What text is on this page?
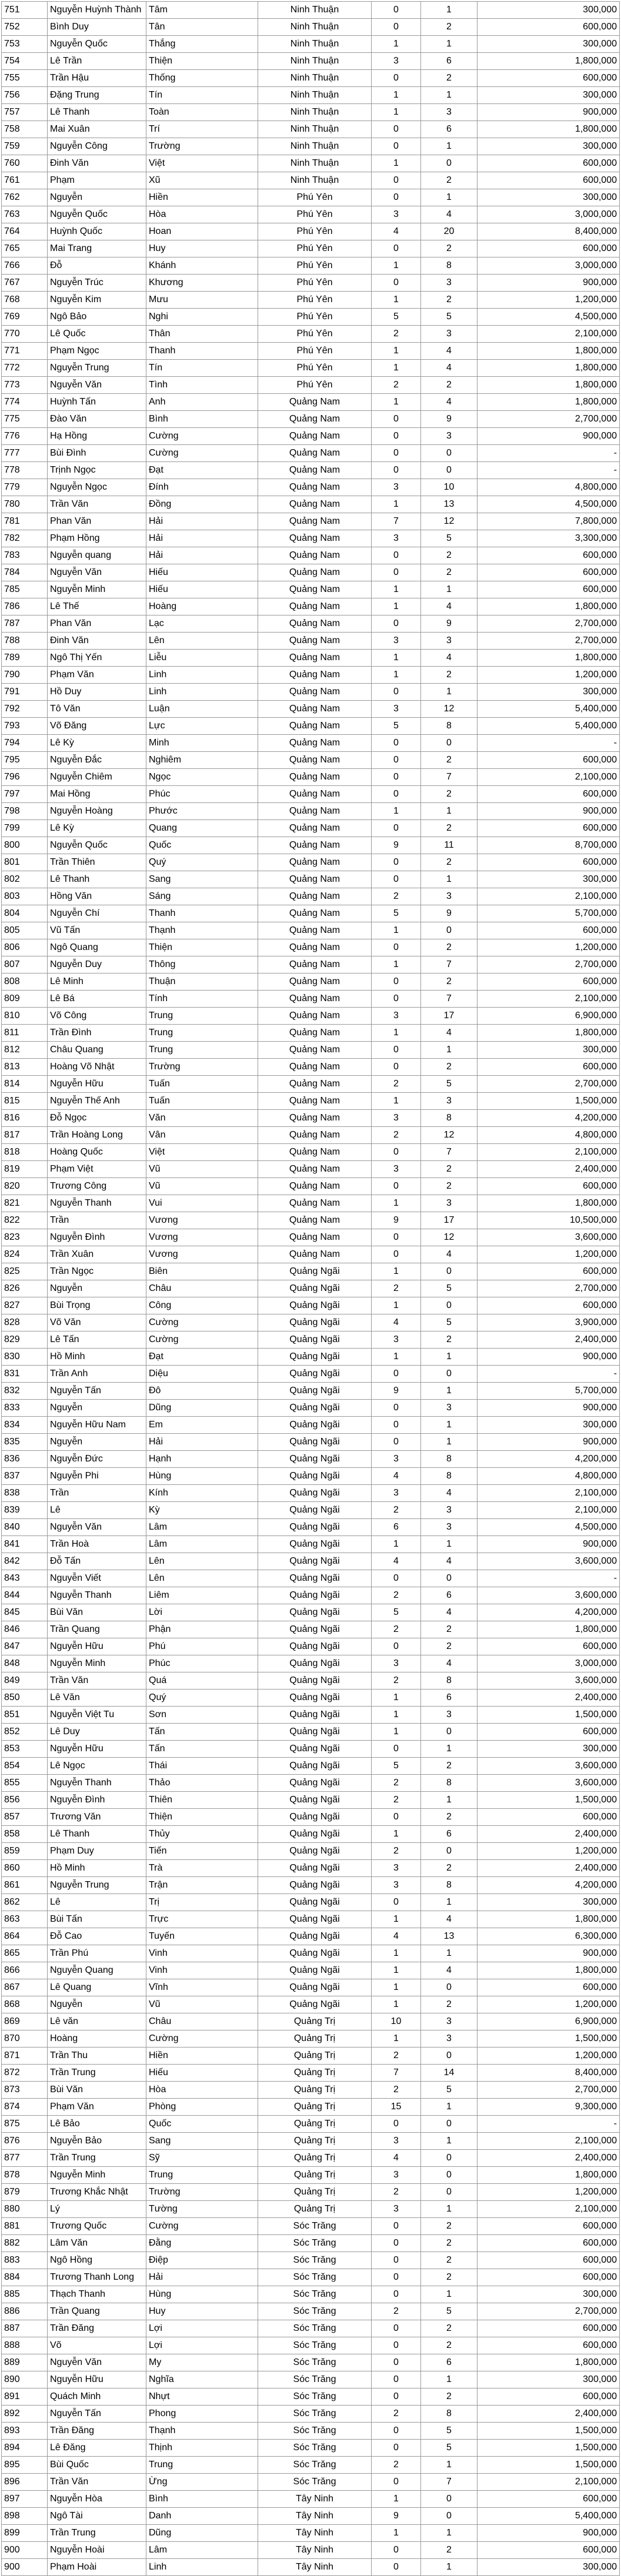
751	Nguyễn Huỳnh Thành	Tâm	Ninh Thuận	0	1	300,000
752	Bình Duy	Tân	Ninh Thuận	0	2	600,000
753	Nguyễn Quốc	Thắng	Ninh Thuận	1	1	300,000
754	Lê Trần	Thiện	Ninh Thuận	3	6	1,800,000
755	Trần Hậu	Thống	Ninh Thuận	0	2	600,000
756	Đặng Trung	Tín	Ninh Thuận	1	1	300,000
757	Lê Thanh	Toàn	Ninh Thuận	1	3	900,000
758	Mai Xuân	Trí	Ninh Thuận	0	6	1,800,000
759	Nguyễn Công	Trường	Ninh Thuận	0	1	300,000
760	Đinh Văn	Việt	Ninh Thuận	1	0	600,000
761	Phạm	Xũ	Ninh Thuận	0	2	600,000
762	Nguyễn	Hiền	Phú Yên	0	1	300,000
763	Nguyễn Quốc	Hòa	Phú Yên	3	4	3,000,000
764	Huỳnh Quốc	Hoan	Phú Yên	4	20	8,400,000
765	Mai Trang	Huy	Phú Yên	0	2	600,000
766	Đỗ	Khánh	Phú Yên	1	8	3,000,000
767	Nguyễn Trúc	Khương	Phú Yên	0	3	900,000
768	Nguyễn Kim	Mưu	Phú Yên	1	2	1,200,000
769	Ngô Bảo	Nghi	Phú Yên	5	5	4,500,000
770	Lê Quốc	Thân	Phú Yên	2	3	2,100,000
771	Phạm Ngọc	Thanh	Phú Yên	1	4	1,800,000
772	Nguyễn Trung	Tín	Phú Yên	1	4	1,800,000
773	Nguyễn Văn	Tình	Phú Yên	2	2	1,800,000
774	Huỳnh Tấn	Anh	Quảng Nam	1	4	1,800,000
775	Đào Văn	Bình	Quảng Nam	0	9	2,700,000
776	Hạ Hồng	Cường	Quảng Nam	0	3	900,000
777	Bùi Đình	Cường	Quảng Nam	0	0	-
778	Trịnh Ngọc	Đạt	Quảng Nam	0	0	-
779	Nguyễn Ngọc	Đính	Quảng Nam	3	10	4,800,000
780	Trần Văn	Đồng	Quảng Nam	1	13	4,500,000
781	Phan Văn	Hải	Quảng Nam	7	12	7,800,000
782	Phạm Hồng	Hải	Quảng Nam	3	5	3,300,000
783	Nguyễn quang	Hải	Quảng Nam	0	2	600,000
784	Nguyễn Văn	Hiếu	Quảng Nam	0	2	600,000
785	Nguyễn Minh	Hiếu	Quảng Nam	1	1	600,000
786	Lê Thế	Hoàng	Quảng Nam	1	4	1,800,000
787	Phan Văn	Lạc	Quảng Nam	0	9	2,700,000
788	Đinh Văn	Lên	Quảng Nam	3	3	2,700,000
789	Ngô Thị Yến	Liễu	Quảng Nam	1	4	1,800,000
790	Phạm Văn	Linh	Quảng Nam	1	2	1,200,000
791	Hồ Duy	Linh	Quảng Nam	0	1	300,000
792	Tô Văn	Luận	Quảng Nam	3	12	5,400,000
793	Võ Đăng	Lực	Quảng Nam	5	8	5,400,000
794	Lê Kỳ	Minh	Quảng Nam	0	0	-
795	Nguyễn Đắc	Nghiêm	Quảng Nam	0	2	600,000
796	Nguyễn Chiêm	Ngọc	Quảng Nam	0	7	2,100,000
797	Mai Hồng	Phúc	Quảng Nam	0	2	600,000
798	Nguyễn Hoàng	Phước	Quảng Nam	1	1	900,000
799	Lê Kỳ	Quang	Quảng Nam	0	2	600,000
800	Nguyễn Quốc	Quốc	Quảng Nam	9	11	8,700,000
801	Trần Thiên	Quý	Quảng Nam	0	2	600,000
802	Lê Thanh	Sang	Quảng Nam	0	1	300,000
803	Hồng Văn	Sáng	Quảng Nam	2	3	2,100,000
804	Nguyễn Chí	Thanh	Quảng Nam	5	9	5,700,000
805	Vũ Tấn	Thạnh	Quảng Nam	1	0	600,000
806	Ngô Quang	Thiện	Quảng Nam	0	2	1,200,000
807	Nguyễn Duy	Thông	Quảng Nam	1	7	2,700,000
808	Lê Minh	Thuận	Quảng Nam	0	2	600,000
809	Lê Bá	Tính	Quảng Nam	0	7	2,100,000
810	Võ Công	Trung	Quảng Nam	3	17	6,900,000
811	Trần Đình	Trung	Quảng Nam	1	4	1,800,000
812	Châu Quang	Trung	Quảng Nam	0	1	300,000
813	Hoàng Võ Nhật	Trường	Quảng Nam	0	2	600,000
814	Nguyễn Hữu	Tuấn	Quảng Nam	2	5	2,700,000
815	Nguyễn Thế Anh	Tuấn	Quảng Nam	1	3	1,500,000
816	Đỗ Ngọc	Văn	Quảng Nam	3	8	4,200,000
817	Trần Hoàng Long	Vân	Quảng Nam	2	12	4,800,000
818	Hoàng Quốc	Việt	Quảng Nam	0	7	2,100,000
819	Phạm Việt	Vũ	Quảng Nam	3	2	2,400,000
820	Trương Công	Vũ	Quảng Nam	0	2	600,000
821	Nguyễn Thanh	Vui	Quảng Nam	1	3	1,800,000
822	Trần	Vương	Quảng Nam	9	17	10,500,000
823	Nguyễn Đình	Vương	Quảng Nam	0	12	3,600,000
824	Trần Xuân	Vương	Quảng Nam	0	4	1,200,000
825	Trần Ngọc	Biên	Quảng Ngãi	1	0	600,000
826	Nguyễn	Châu	Quảng Ngãi	2	5	2,700,000
827	Bùi Trọng	Công	Quảng Ngãi	1	0	600,000
828	Võ Văn	Cường	Quảng Ngãi	4	5	3,900,000
829	Lê Tấn	Cường	Quảng Ngãi	3	2	2,400,000
830	Hồ Minh	Đạt	Quảng Ngãi	1	1	900,000
831	Trần Anh	Diệu	Quảng Ngãi	0	0	-
832	Nguyễn Tấn	Đô	Quảng Ngãi	9	1	5,700,000
833	Nguyễn	Dũng	Quảng Ngãi	0	3	900,000
834	Nguyễn Hữu Nam	Em	Quảng Ngãi	0	1	300,000
835	Nguyễn	Hải	Quảng Ngãi	0	1	900,000
836	Nguyễn Đức	Hạnh	Quảng Ngãi	3	8	4,200,000
837	Nguyễn Phi	Hùng	Quảng Ngãi	4	8	4,800,000
838	Trần	Kính	Quảng Ngãi	3	4	2,100,000
839	Lê	Kỳ	Quảng Ngãi	2	3	2,100,000
840	Nguyễn Văn	Lâm	Quảng Ngãi	6	3	4,500,000
841	Trần Hoà	Lâm	Quảng Ngãi	1	1	900,000
842	Đỗ Tấn	Lên	Quảng Ngãi	4	4	3,600,000
843	Nguyễn Viết	Lên	Quảng Ngãi	0	0	-
844	Nguyễn Thanh	Liêm	Quảng Ngãi	2	6	3,600,000
845	Bùi Văn	Lời	Quảng Ngãi	5	4	4,200,000
846	Trần Quang	Phận	Quảng Ngãi	2	2	1,800,000
847	Nguyễn Hữu	Phú	Quảng Ngãi	0	2	600,000
848	Nguyễn Minh	Phúc	Quảng Ngãi	3	4	3,000,000
849	Trần Văn	Quá	Quảng Ngãi	2	8	3,600,000
850	Lê Văn	Quý	Quảng Ngãi	1	6	2,400,000
851	Nguyễn Việt Tu	Sơn	Quảng Ngãi	1	3	1,500,000
852	Lê Duy	Tấn	Quảng Ngãi	1	0	600,000
853	Nguyễn Hữu	Tấn	Quảng Ngãi	0	1	300,000
854	Lê Ngọc	Thái	Quảng Ngãi	5	2	3,600,000
855	Nguyễn Thanh	Thảo	Quảng Ngãi	2	8	3,600,000
856	Nguyễn Đình	Thiên	Quảng Ngãi	2	1	1,500,000
857	Trương Văn	Thiện	Quảng Ngãi	0	2	600,000
858	Lê Thanh	Thủy	Quảng Ngãi	1	6	2,400,000
859	Phạm Duy	Tiến	Quảng Ngãi	2	0	1,200,000
860	Hồ Minh	Trà	Quảng Ngãi	3	2	2,400,000
861	Nguyễn Trung	Trận	Quảng Ngãi	3	8	4,200,000
862	Lê	Trị	Quảng Ngãi	0	1	300,000
863	Bùi Tấn	Trực	Quảng Ngãi	1	4	1,800,000
864	Đỗ Cao	Tuyến	Quảng Ngãi	4	13	6,300,000
865	Trần Phú	Vinh	Quảng Ngãi	1	1	900,000
866	Nguyễn Quang	Vinh	Quảng Ngãi	1	4	1,800,000
867	Lê Quang	Vĩnh	Quảng Ngãi	1	0	600,000
868	Nguyễn	Vũ	Quảng Ngãi	1	2	1,200,000
869	Lê văn	Châu	Quảng Trị	10	3	6,900,000
870	Hoàng	Cường	Quảng Trị	1	3	1,500,000
871	Trần Thu	Hiền	Quảng Trị	2	0	1,200,000
872	Trần Trung	Hiếu	Quảng Trị	7	14	8,400,000
873	Bùi Văn	Hòa	Quảng Trị	2	5	2,700,000
874	Phạm Văn	Phòng	Quảng Trị	15	1	9,300,000
875	Lê Bảo	Quốc	Quảng Trị	0	0	-
876	Nguyễn Bảo	Sang	Quảng Trị	3	1	2,100,000
877	Trần Trung	Sỹ	Quảng Trị	4	0	2,400,000
878	Nguyễn Minh	Trung	Quảng Trị	3	0	1,800,000
879	Trương Khắc Nhật	Trường	Quảng Trị	2	0	1,200,000
880	Lý	Tường	Quảng Trị	3	1	2,100,000
881	Trương Quốc	Cường	Sóc Trăng	0	2	600,000
882	Lâm Văn	Đằng	Sóc Trăng	0	2	600,000
883	Ngô Hồng	Điệp	Sóc Trăng	0	2	600,000
884	Trương Thanh Long	Hải	Sóc Trăng	0	2	600,000
885	Thạch Thanh	Hùng	Sóc Trăng	0	1	300,000
886	Trần Quang	Huy	Sóc Trăng	2	5	2,700,000
887	Trần Đăng	Lợi	Sóc Trăng	0	2	600,000
888	Võ	Lợi	Sóc Trăng	0	2	600,000
889	Nguyễn Văn	My	Sóc Trăng	0	6	1,800,000
890	Nguyễn Hữu	Nghĩa	Sóc Trăng	0	1	300,000
891	Quách Minh	Nhựt	Sóc Trăng	0	2	600,000
892	Nguyễn Tấn	Phong	Sóc Trăng	2	8	2,400,000
893	Trần Đăng	Thạnh	Sóc Trăng	0	5	1,500,000
894	Lê Đăng	Thịnh	Sóc Trăng	0	5	1,500,000
895	Bùi Quốc	Trung	Sóc Trăng	2	1	1,500,000
896	Trần Văn	Ừng	Sóc Trăng	0	7	2,100,000
897	Nguyễn Hòa	Bình	Tây Ninh	1	0	600,000
898	Ngô Tài	Danh	Tây Ninh	9	0	5,400,000
899	Trần Trung	Dũng	Tây Ninh	1	1	900,000
900	Nguyễn Hoài	Lâm	Tây Ninh	0	2	600,000
900	Phạm Hoài	Linh	Tây Ninh	0	1	300,000
